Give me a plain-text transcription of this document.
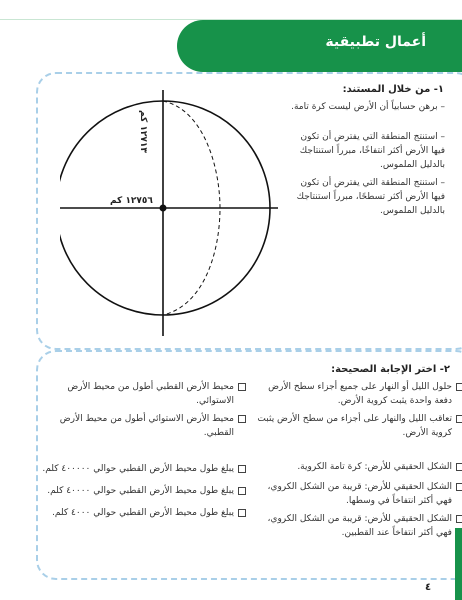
أعمال تطبيقية
١٢٧١٣ كم
١٢٧٥٦ كم
١- من خلال المستند:
– برهن حسابياً أن الأرض ليست كرة تامة.
– استنتج المنطقة التي يفترض أن تكون فيها الأرض أكثر انتفاخًا، مبرراً استنتاجك بالدليل الملموس.
– استنتج المنطقة التي يفترض أن تكون فيها الأرض أكثر تسطحًا، مبرراً استنتاجك بالدليل الملموس.
٢- اختر الإجابة الصحيحة:
حلول الليل أو النهار على جميع أجزاء سطح الأرض دفعة واحدة يثبت كروية الأرض.
تعاقب الليل والنهار على أجزاء من سطح الأرض يثبت كروية الأرض.
محيط الأرض القطبي أطول من محيط الأرض الاستوائي.
محيط الأرض الاستوائي أطول من محيط الأرض القطبي.
الشكل الحقيقي للأرض: كرة تامة الكروية.
الشكل الحقيقي للأرض: قريبة من الشكل الكروي، فهي أكثر انتفاخاً في وسطها.
الشكل الحقيقي للأرض: قريبة من الشكل الكروي، فهي أكثر انتفاخاً عند القطبين.
يبلغ طول محيط الأرض القطبي حوالي ٤٠٠٠٠٠ كلم.
يبلغ طول محيط الأرض القطبي حوالي ٤٠٠٠٠ كلم.
يبلغ طول محيط الأرض القطبي حوالي ٤٠٠٠ كلم.
٤
